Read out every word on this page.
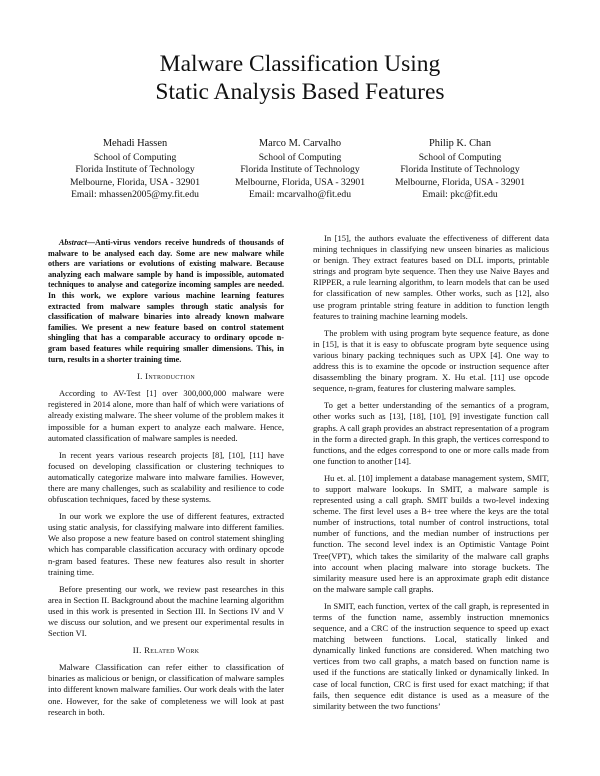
Malware Classification Using
Static Analysis Based Features
Mehadi Hassen
School of Computing
Florida Institute of Technology
Melbourne, Florida, USA - 32901
Email: mhassen2005@my.fit.edu
Marco M. Carvalho
School of Computing
Florida Institute of Technology
Melbourne, Florida, USA - 32901
Email: mcarvalho@fit.edu
Philip K. Chan
School of Computing
Florida Institute of Technology
Melbourne, Florida, USA - 32901
Email: pkc@fit.edu

Abstract—Anti-virus vendors receive hundreds of thousands of malware to be analysed each day. Some are new malware while others are variations or evolutions of existing malware. Because analyzing each malware sample by hand is impossible, automated techniques to analyse and categorize incoming samples are needed. In this work, we explore various machine learning features extracted from malware samples through static analysis for classification of malware binaries into already known malware families. We present a new feature based on control statement shingling that has a comparable accuracy to ordinary opcode n-gram based features while requiring smaller dimensions. This, in turn, results in a shorter training time.

I. Introduction

According to AV-Test [1] over 300,000,000 malware were registered in 2014 alone, more than half of which were variations of already existing malware. The sheer volume of the problem makes it impossible for a human expert to analyze each malware. Hence, automated classification of malware samples is needed.

In recent years various research projects [8], [10], [11] have focused on developing classification or clustering techniques to automatically categorize malware into malware families. However, there are many challenges, such as scalability and resilience to code obfuscation techniques, faced by these systems.

In our work we explore the use of different features, extracted using static analysis, for classifying malware into different families. We also propose a new feature based on control statement shingling which has comparable classification accuracy with ordinary opcode n-gram based features. These new features also result in shorter training time.

Before presenting our work, we review past researches in this area in Section II. Background about the machine learning algorithm used in this work is presented in Section III. In Sections IV and V we discuss our solution, and we present our experimental results in Section VI.

II. Related Work

Malware Classification can refer either to classification of binaries as malicious or benign, or classification of malware samples into different known malware families. Our work deals with the later one. However, for the sake of completeness we will look at past research in both.

In [15], the authors evaluate the effectiveness of different data mining techniques in classifying new unseen binaries as malicious or benign. They extract features based on DLL imports, printable strings and program byte sequence. Then they use Naive Bayes and RIPPER, a rule learning algorithm, to learn models that can be used for classification of new samples. Other works, such as [12], also use program printable string feature in addition to function length features to training machine learning models.

The problem with using program byte sequence feature, as done in [15], is that it is easy to obfuscate program byte sequence using various binary packing techniques such as UPX [4]. One way to address this is to examine the opcode or instruction sequence after disassembling the binary program. X. Hu et.al. [11] use opcode sequence, n-gram, features for clustering malware samples.

To get a better understanding of the semantics of a program, other works such as [13], [18], [10], [9] investigate function call graphs. A call graph provides an abstract representation of a program in the form a directed graph. In this graph, the vertices correspond to functions, and the edges correspond to one or more calls made from one function to another [14].

Hu et. al. [10] implement a database management system, SMIT, to support malware lookups. In SMIT, a malware sample is represented using a call graph. SMIT builds a two-level indexing scheme. The first level uses a B+ tree where the keys are the total number of instructions, total number of control instructions, total number of functions, and the median number of instructions per function. The second level index is an Optimistic Vantage Point Tree(VPT), which takes the similarity of the malware call graphs into account when placing malware into storage buckets. The similarity measure used here is an approximate graph edit distance on the malware sample call graphs.

In SMIT, each function, vertex of the call graph, is represented in terms of the function name, assembly instruction mnemonics sequence, and a CRC of the instruction sequence to speed up exact matching between functions. Local, statically linked and dynamically linked functions are considered. When matching two vertices from two call graphs, a match based on function name is used if the functions are statically linked or dynamically linked. In case of local function, CRC is first used for exact matching; if that fails, then sequence edit distance is used as a measure of the similarity between the two functions’
